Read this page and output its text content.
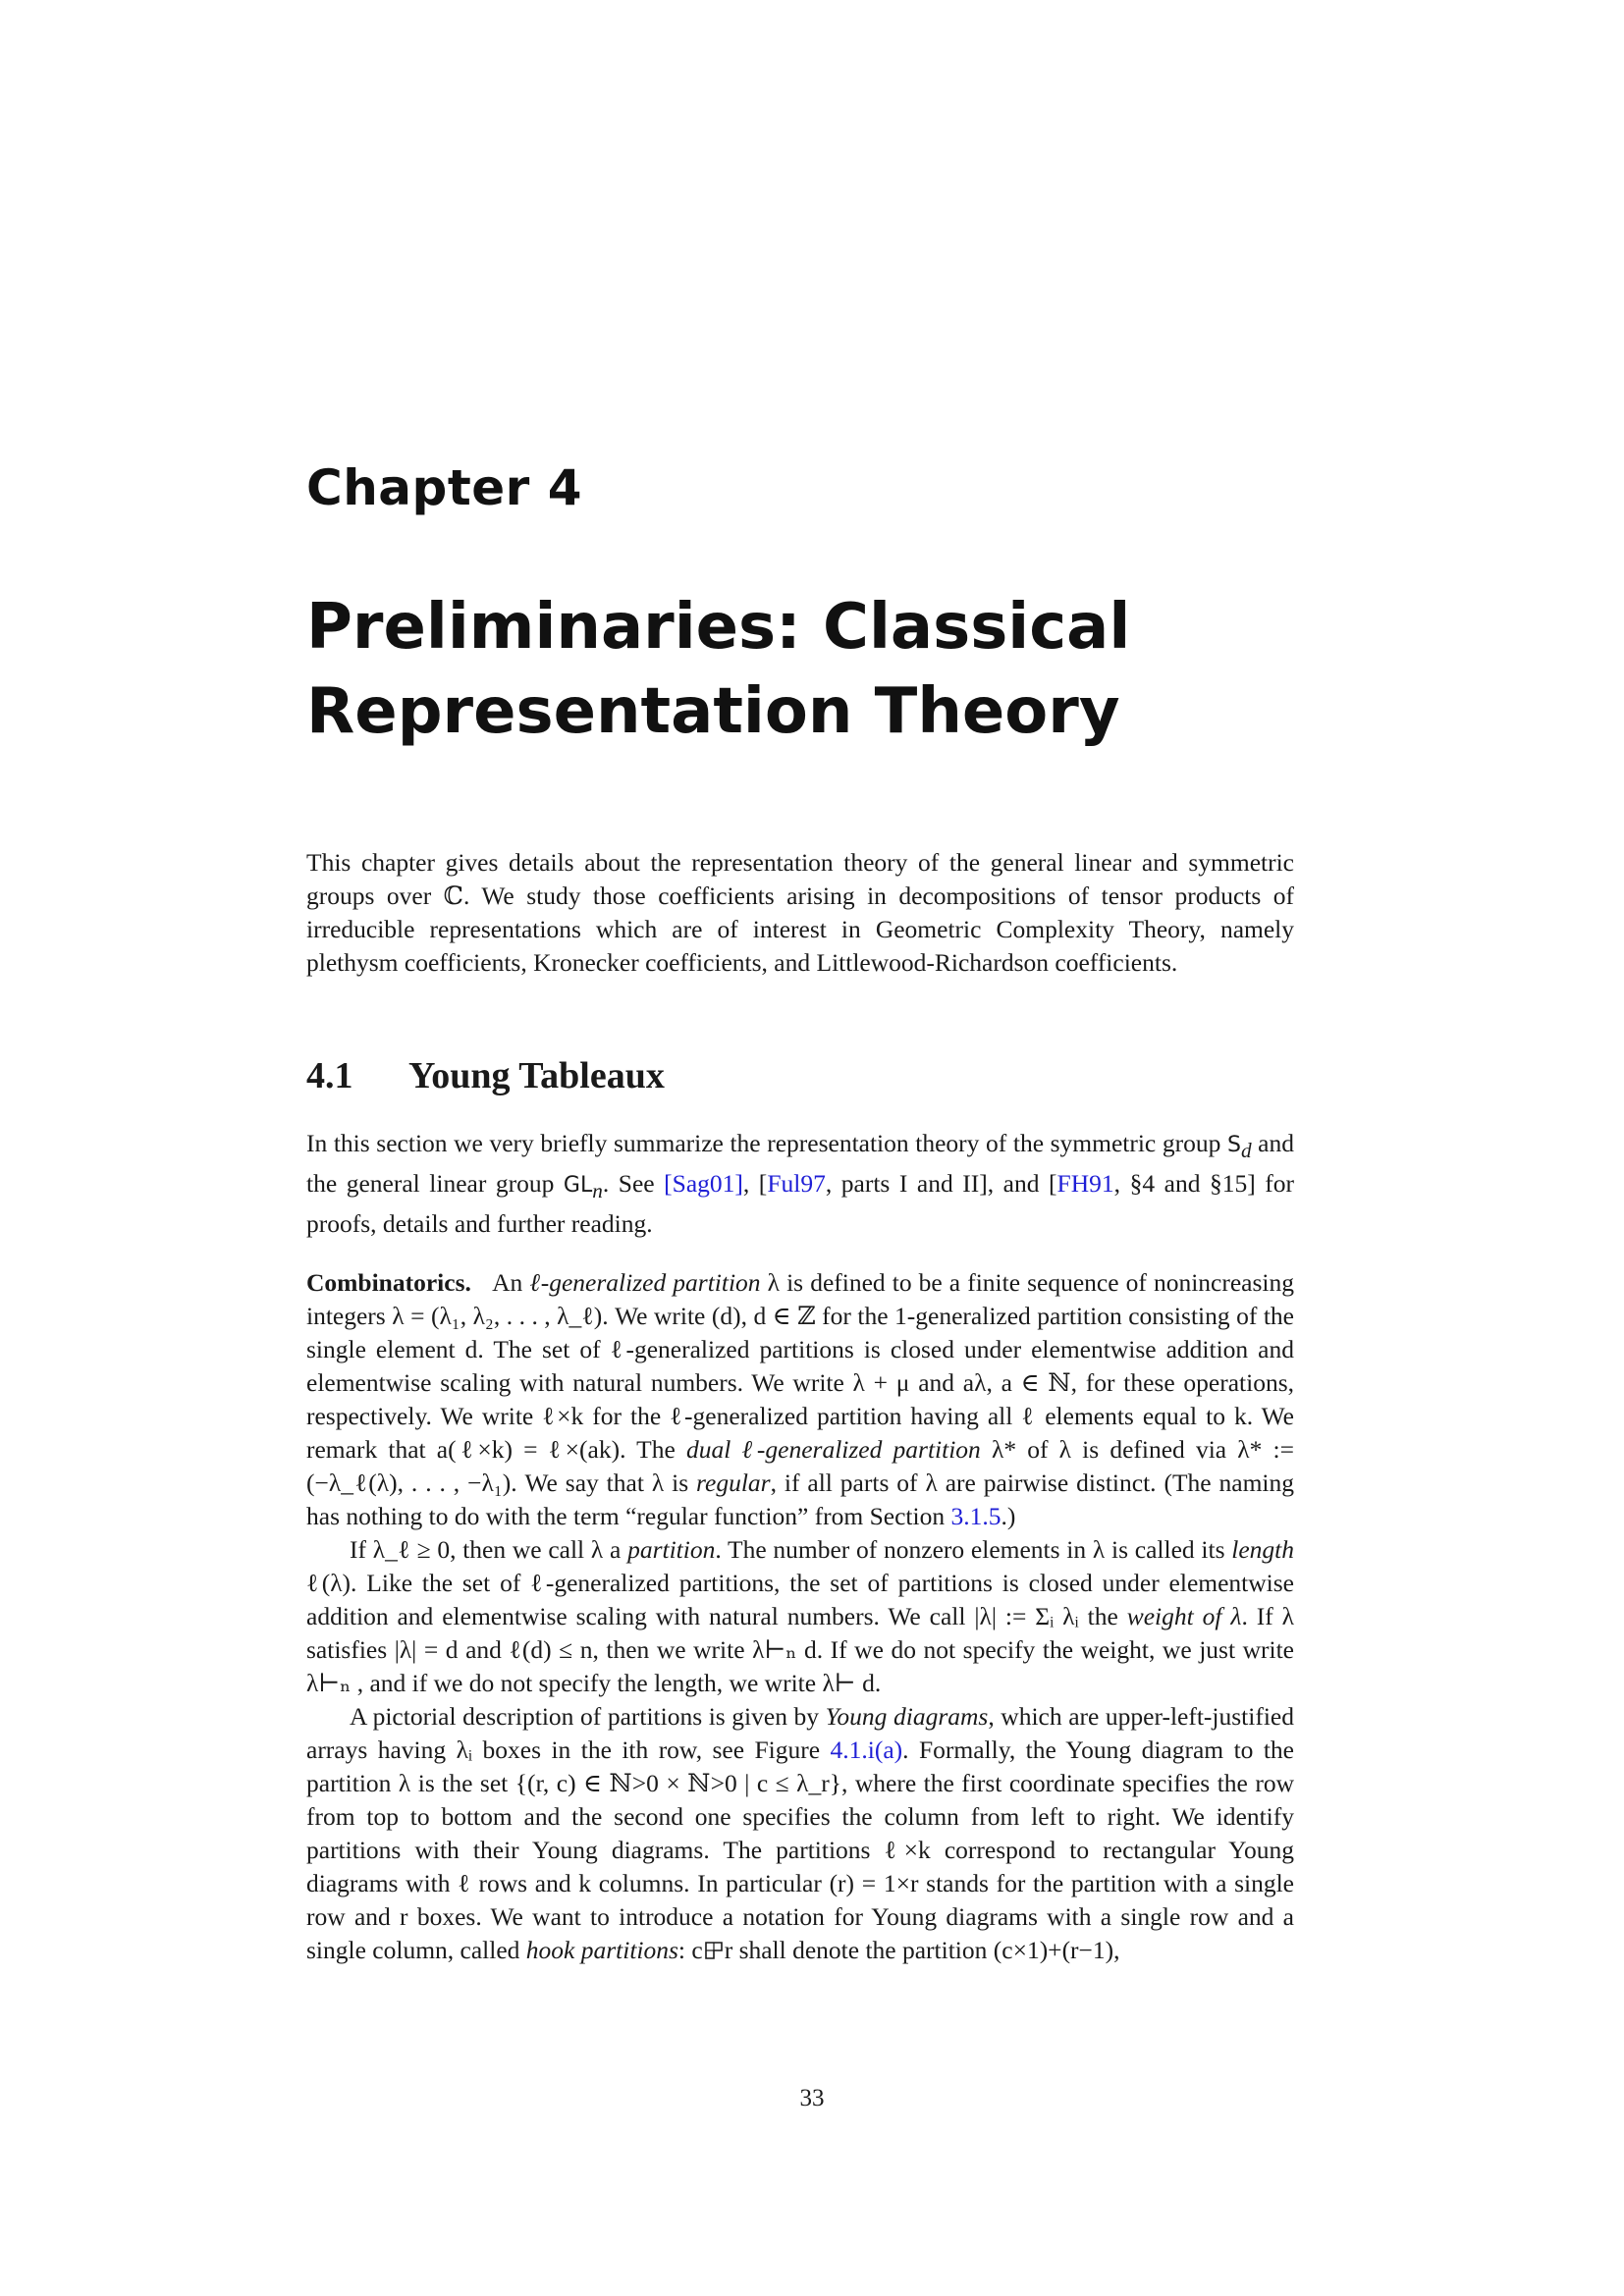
Chapter 4
Preliminaries: Classical
Representation Theory

This chapter gives details about the representation theory of the general linear and symmetric groups over ℂ. We study those coefficients arising in decompositions of tensor products of irreducible representations which are of interest in Geometric Complexity Theory, namely plethysm coefficients, Kronecker coefficients, and Littlewood-Richardson coefficients.

4.1 Young Tableaux

In this section we very briefly summarize the representation theory of the symmetric group $S_d$ and the general linear group $GL_n$. See [Sag01], [Ful97, parts I and II], and [FH91, §4 and §15] for proofs, details and further reading.

Combinatorics. An ℓ-generalized partition λ is defined to be a finite sequence of nonincreasing integers λ = (λ₁, λ₂, . . . , λ_ℓ). We write (d), d ∈ ℤ for the 1-generalized partition consisting of the single element d. The set of ℓ-generalized partitions is closed under elementwise addition and elementwise scaling with natural numbers. We write λ + μ and aλ, a ∈ ℕ, for these operations, respectively. We write ℓ×k for the ℓ-generalized partition having all ℓ elements equal to k. We remark that a(ℓ×k) = ℓ×(ak). The dual ℓ-generalized partition λ* of λ is defined via λ* := (−λ_ℓ(λ), . . . , −λ₁). We say that λ is regular, if all parts of λ are pairwise distinct. (The naming has nothing to do with the term “regular function” from Section 3.1.5.)

If λ_ℓ ≥ 0, then we call λ a partition. The number of nonzero elements in λ is called its length ℓ(λ). Like the set of ℓ-generalized partitions, the set of partitions is closed under elementwise addition and elementwise scaling with natural numbers. We call |λ| := Σᵢ λᵢ the weight of λ. If λ satisfies |λ| = d and ℓ(d) ≤ n, then we write λ⊢ₙ d. If we do not specify the weight, we just write λ⊢ₙ , and if we do not specify the length, we write λ⊢ d.

A pictorial description of partitions is given by Young diagrams, which are upper-left-justified arrays having λᵢ boxes in the ith row, see Figure 4.1.i(a). Formally, the Young diagram to the partition λ is the set {(r, c) ∈ ℕ>0 × ℕ>0 | c ≤ λ_r}, where the first coordinate specifies the row from top to bottom and the second one specifies the column from left to right. We identify partitions with their Young diagrams. The partitions ℓ×k correspond to rectangular Young diagrams with ℓ rows and k columns. In particular (r) = 1×r stands for the partition with a single row and r boxes. We want to introduce a notation for Young diagrams with a single row and a single column, called hook partitions: c r shall denote the partition (c×1)+(r−1),

33
